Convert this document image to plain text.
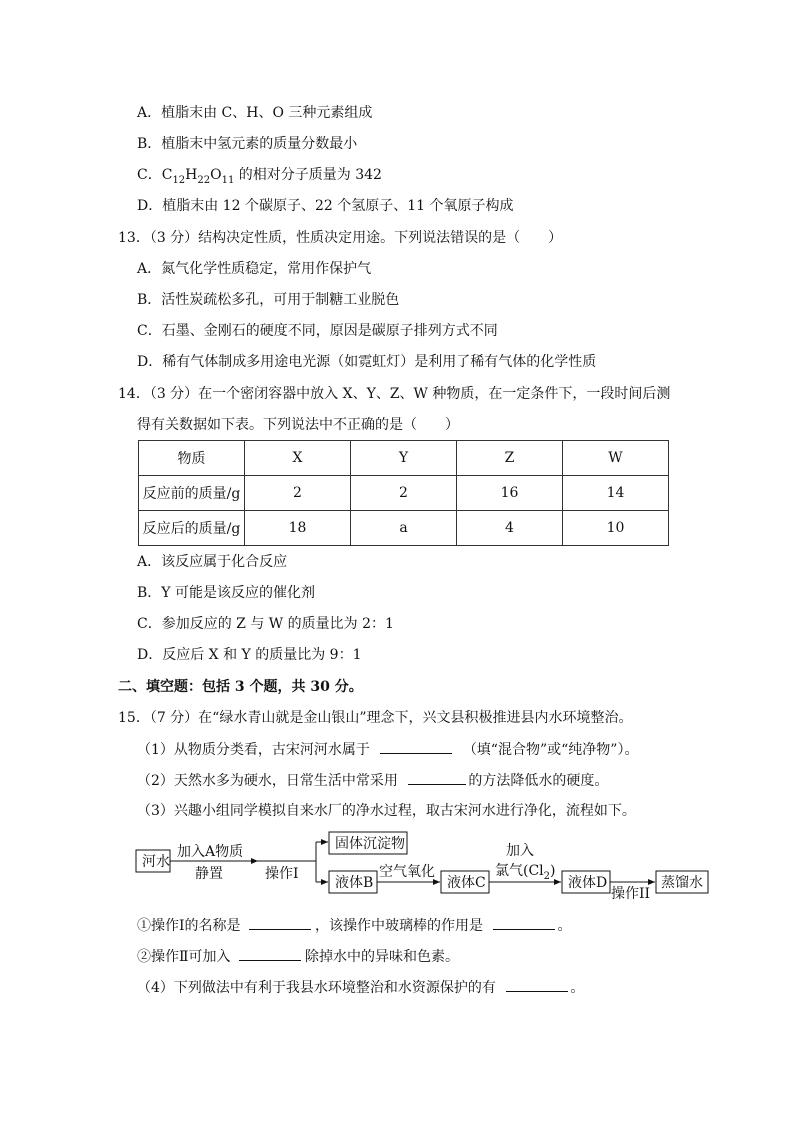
A．植脂末由 C、H、O 三种元素组成
B．植脂末中氢元素的质量分数最小
C．$C_{12}H_{22}O_{11}$ 的相对分子质量为 342
D．植脂末由 12 个碳原子、22 个氢原子、11 个氧原子构成
13．（3 分）结构决定性质，性质决定用途。下列说法错误的是（　　）
A．氮气化学性质稳定，常用作保护气
B．活性炭疏松多孔，可用于制糖工业脱色
C．石墨、金刚石的硬度不同，原因是碳原子排列方式不同
D．稀有气体制成多用途电光源（如霓虹灯）是利用了稀有气体的化学性质
14．（3 分）在一个密闭容器中放入 X、Y、Z、W 种物质，在一定条件下，一段时间后测
得有关数据如下表。下列说法中不正确的是（　　）
物质	X	Y	Z	W
反应前的质量/g	2	2	16	14
反应后的质量/g	18	a	4	10
A．该反应属于化合反应
B．Y 可能是该反应的催化剂
C．参加反应的 Z 与 W 的质量比为 2：1
D．反应后 X 和 Y 的质量比为 9：1
二、填空题：包括 3 个题，共 30 分。
15．（7 分）在“绿水青山就是金山银山”理念下，兴文县积极推进县内水环境整治。
（1）从物质分类看，古宋河河水属于	（填“混合物”或“纯净物”）。
（2）天然水多为硬水，日常生活中常采用	的方法降低水的硬度。
（3）兴趣小组同学模拟自来水厂的净水过程，取古宋河水进行净化，流程如下。
河水
加入A物质
静置	操作I
固体沉淀物
液体B
空气氧化
液体C
加入
氯气$(Cl_2)$
液体D
操作II
蒸馏水
①操作Ⅰ的名称是	，该操作中玻璃棒的作用是	。
②操作Ⅱ可加入	除掉水中的异味和色素。
（4）下列做法中有利于我县水环境整治和水资源保护的有	。
